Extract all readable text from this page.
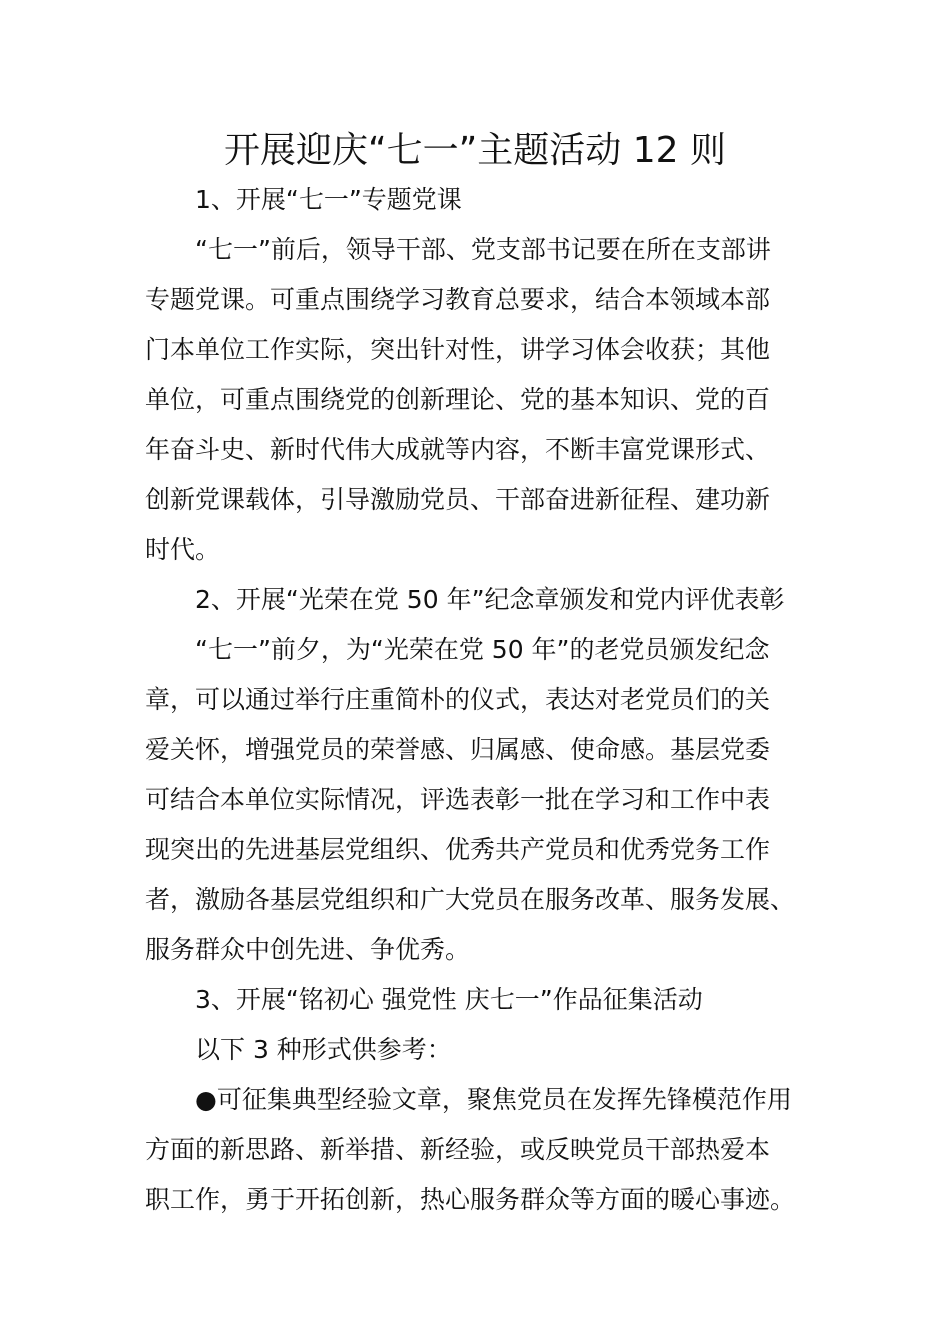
开展迎庆“七一”主题活动 12 则
1、开展“七一”专题党课
“七一”前后，领导干部、党支部书记要在所在支部讲
专题党课。可重点围绕学习教育总要求，结合本领域本部
门本单位工作实际，突出针对性，讲学习体会收获；其他
单位，可重点围绕党的创新理论、党的基本知识、党的百
年奋斗史、新时代伟大成就等内容，不断丰富党课形式、
创新党课载体，引导激励党员、干部奋进新征程、建功新
时代。
2、开展“光荣在党 50 年”纪念章颁发和党内评优表彰
“七一”前夕，为“光荣在党 50 年”的老党员颁发纪念
章，可以通过举行庄重简朴的仪式，表达对老党员们的关
爱关怀，增强党员的荣誉感、归属感、使命感。基层党委
可结合本单位实际情况，评选表彰一批在学习和工作中表
现突出的先进基层党组织、优秀共产党员和优秀党务工作
者，激励各基层党组织和广大党员在服务改革、服务发展、
服务群众中创先进、争优秀。
3、开展“铭初心 强党性 庆七一”作品征集活动
以下 3 种形式供参考：
●可征集典型经验文章，聚焦党员在发挥先锋模范作用
方面的新思路、新举措、新经验，或反映党员干部热爱本
职工作，勇于开拓创新，热心服务群众等方面的暖心事迹。
